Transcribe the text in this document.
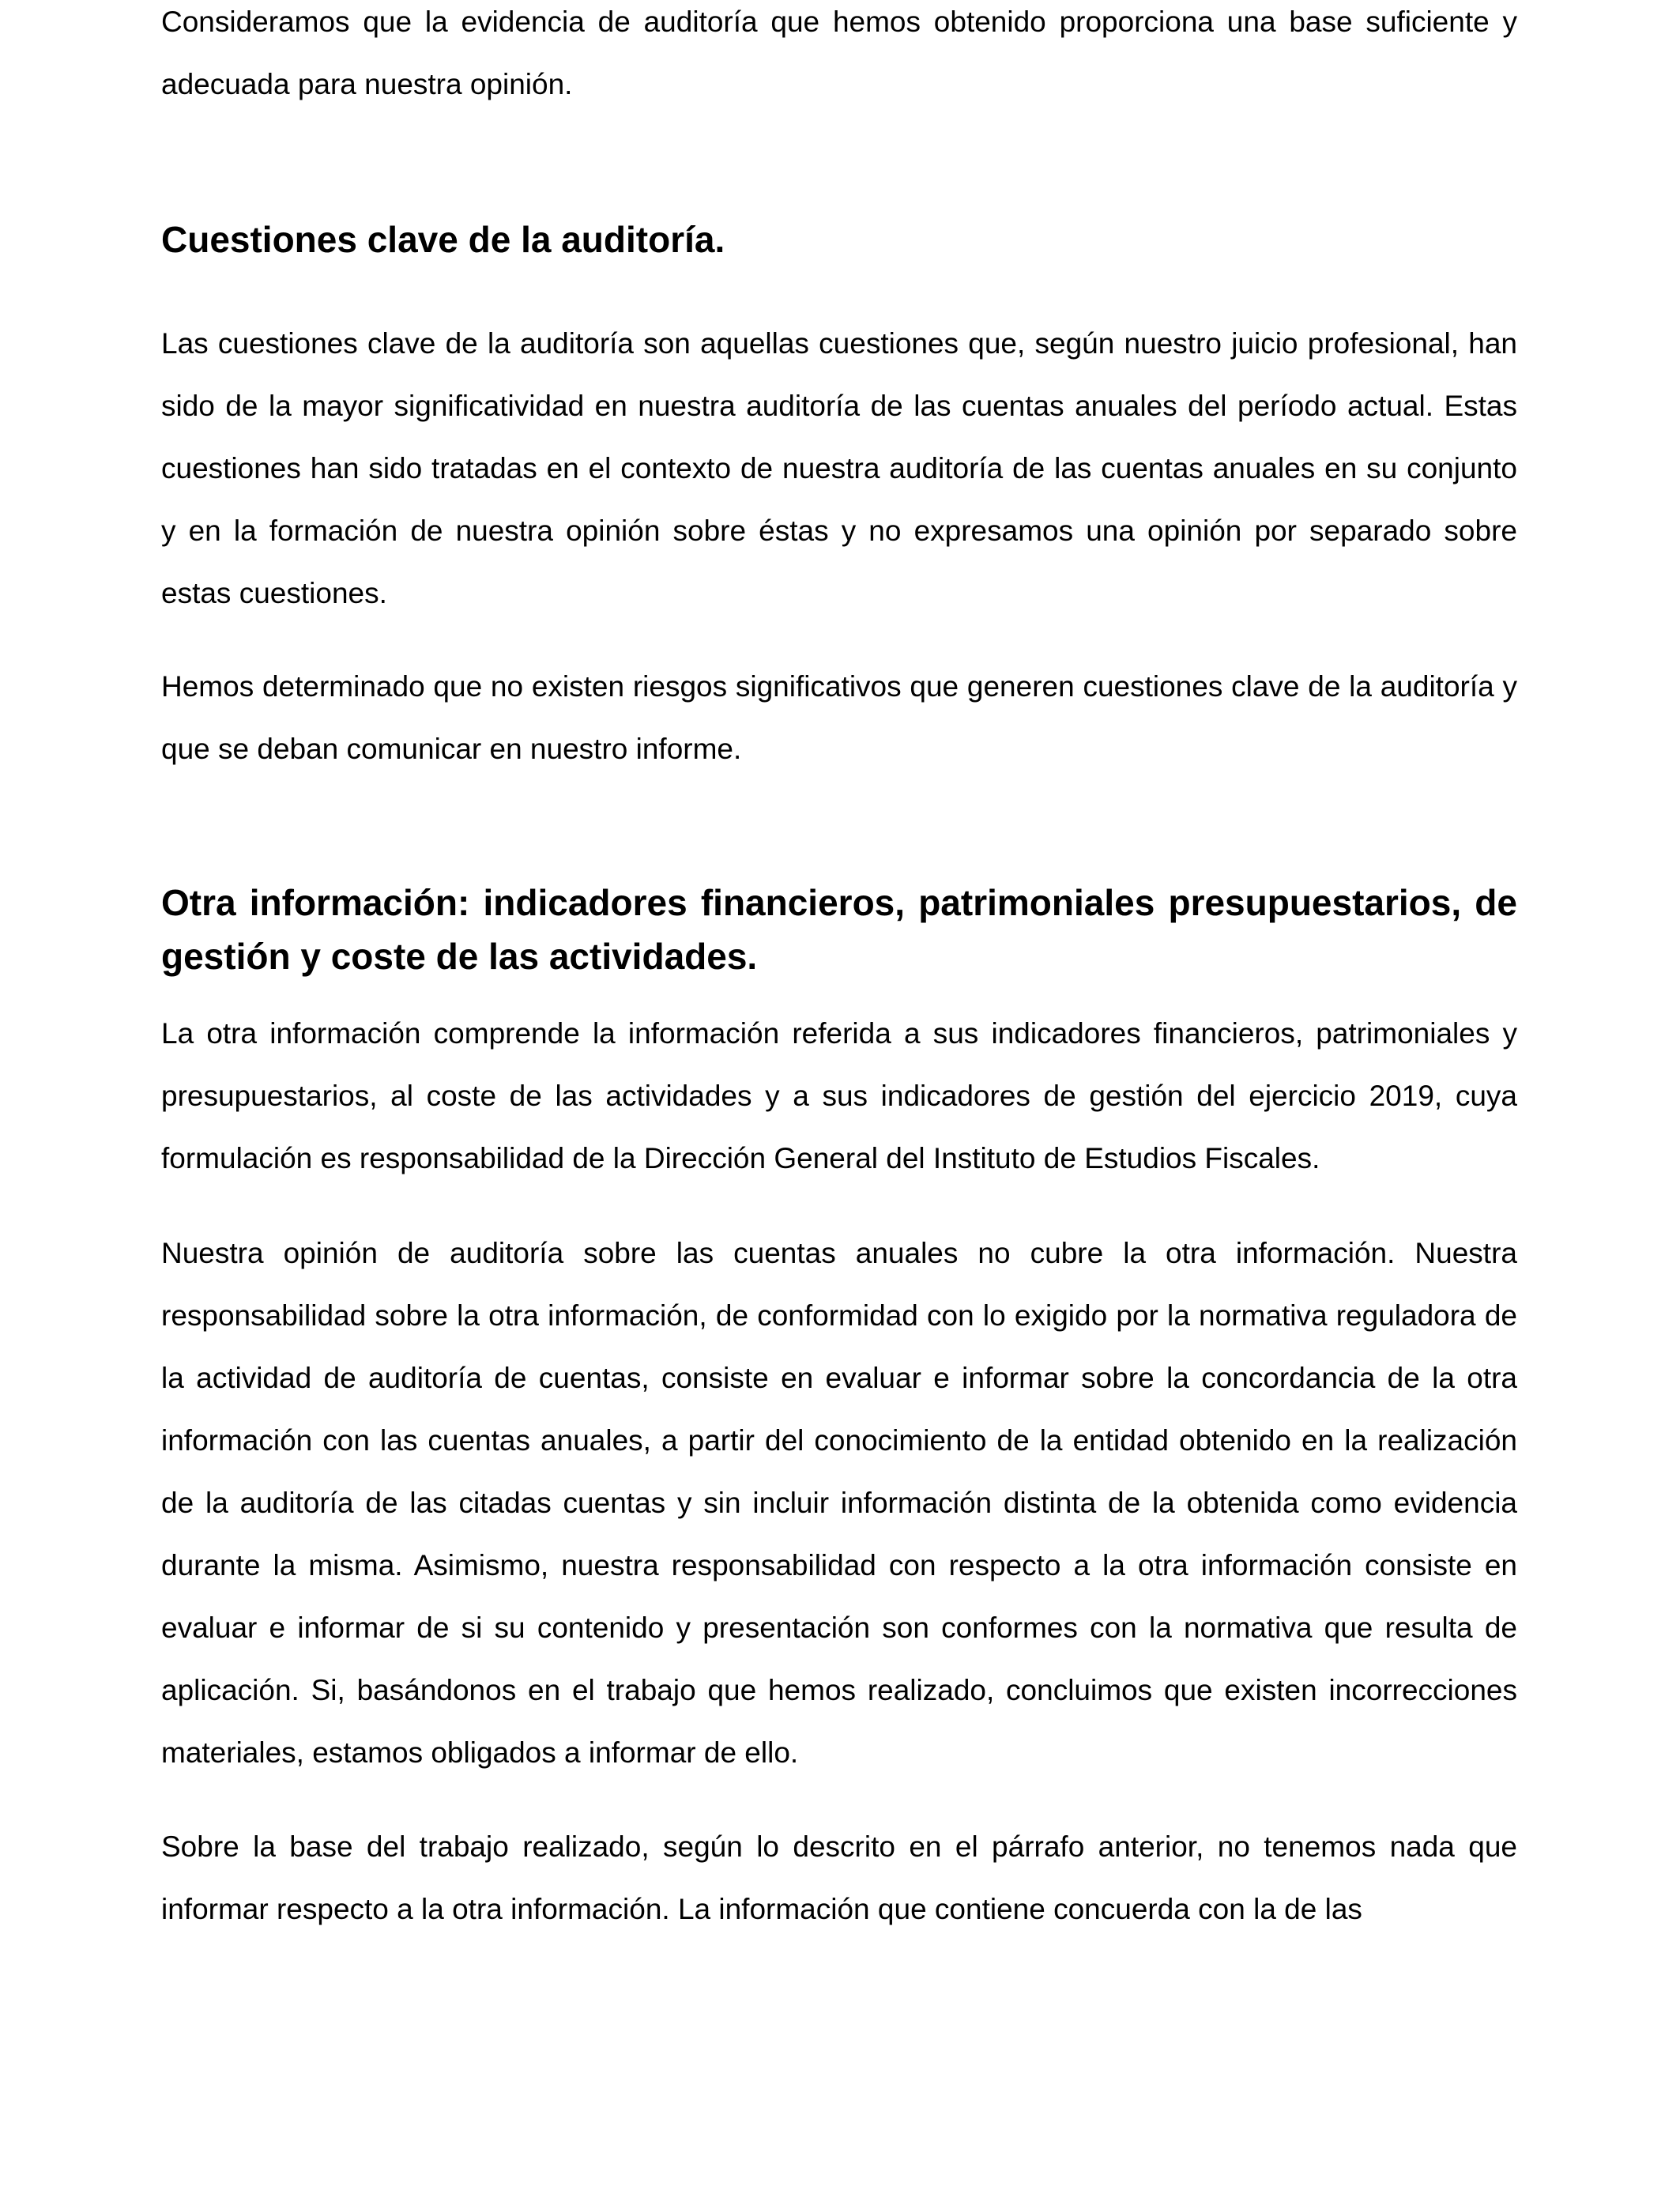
Consideramos que la evidencia de auditoría que hemos obtenido proporciona una base suficiente y adecuada para nuestra opinión.

Cuestiones clave de la auditoría.

Las cuestiones clave de la auditoría son aquellas cuestiones que, según nuestro juicio profesional, han sido de la mayor significatividad en nuestra auditoría de las cuentas anuales del período actual. Estas cuestiones han sido tratadas en el contexto de nuestra auditoría de las cuentas anuales en su conjunto y en la formación de nuestra opinión sobre éstas y no expresamos una opinión por separado sobre estas cuestiones.

Hemos determinado que no existen riesgos significativos que generen cuestiones clave de la auditoría y que se deban comunicar en nuestro informe.

Otra información: indicadores financieros, patrimoniales presupuestarios, de gestión y coste de las actividades.

La otra información comprende la información referida a sus indicadores financieros, patrimoniales y presupuestarios, al coste de las actividades y a sus indicadores de gestión del ejercicio 2019, cuya formulación es responsabilidad de la Dirección General del Instituto de Estudios Fiscales.

Nuestra opinión de auditoría sobre las cuentas anuales no cubre la otra información. Nuestra responsabilidad sobre la otra información, de conformidad con lo exigido por la normativa reguladora de la actividad de auditoría de cuentas, consiste en evaluar e informar sobre la concordancia de la otra información con las cuentas anuales, a partir del conocimiento de la entidad obtenido en la realización de la auditoría de las citadas cuentas y sin incluir información distinta de la obtenida como evidencia durante la misma. Asimismo, nuestra responsabilidad con respecto a la otra información consiste en evaluar e informar de si su contenido y presentación son conformes con la normativa que resulta de aplicación. Si, basándonos en el trabajo que hemos realizado, concluimos que existen incorrecciones materiales, estamos obligados a informar de ello.

Sobre la base del trabajo realizado, según lo descrito en el párrafo anterior, no tenemos nada que informar respecto a la otra información. La información que contiene concuerda con la de las
